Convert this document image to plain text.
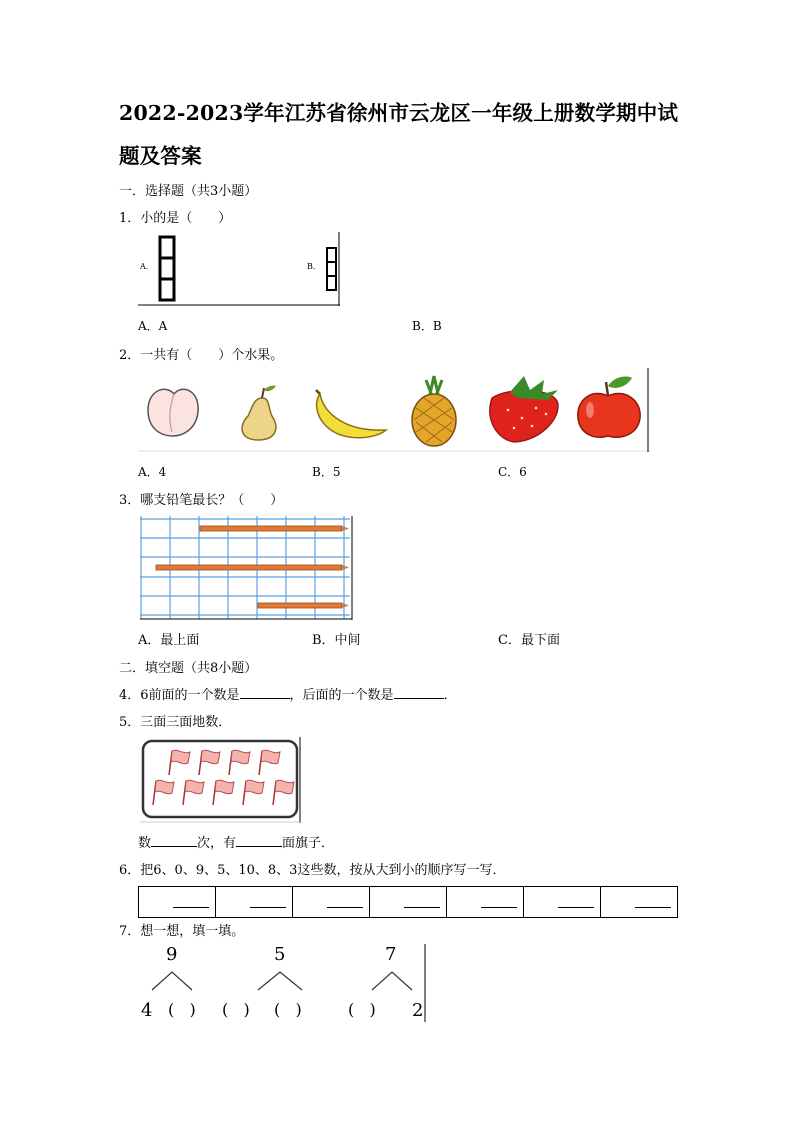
2022-2023学年江苏省徐州市云龙区一年级上册数学期中试
题及答案
一．选择题（共3小题）
1．小的是（　　）
A.	B.
A．A	B．B
2．一共有（　　）个水果。
A．4	B．5	C．6
3．哪支铅笔最长？（　　）
A．最上面	B．中间	C．最下面
二．填空题（共8小题）
4．6前面的一个数是	，后面的一个数是	．
5．三面三面地数．
数	次，有	面旗子．
6．把6、0、9、5、10、8、3这些数，按从大到小的顺序写一写．
7．想一想，填一填。
9
4 (   )
5
(   ) (   )
7
(   ) 2
